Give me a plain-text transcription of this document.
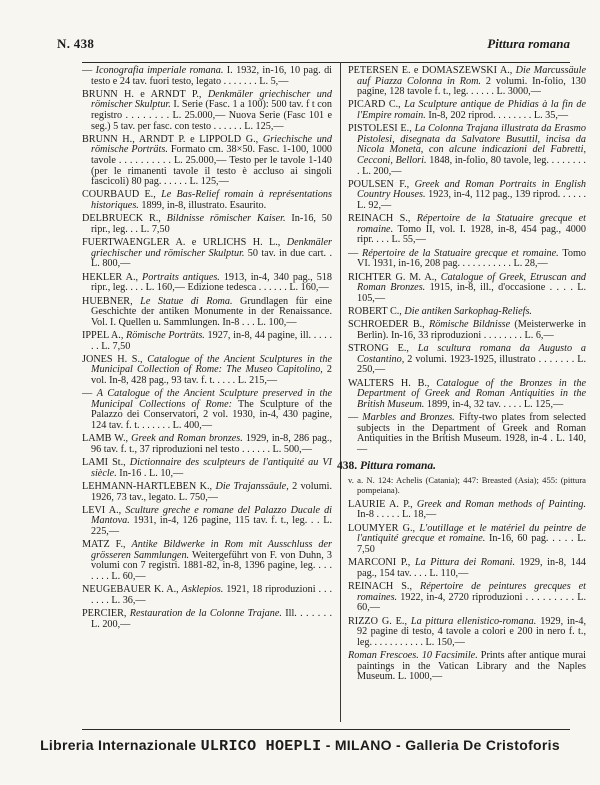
N. 438	Pittura romana
— Iconografia imperiale romana. I. 1932, in-16, 10 pag. di testo e 24 tav. fuori testo, legato . . . . . . . L. 5,—
BRUNN H. e ARNDT P., Denkmäler griechischer und römischer Skulptur. I. Serie (Fasc. 1 a 100): 500 tav. f t con registro . . . . . . . . L. 25.000,— Nuova Serie (Fasc 101 e seg.) 5 tav. per fasc. con testo . . . . . . L. 125,—
BRUNN H., ARNDT P. e LIPPOLD G., Griechische und römische Porträts. Formato cm. 38×50. Fasc. 1-100, 1000 tavole . . . . . . . . . . L. 25.000,— Testo per le tavole 1-140 (per le rimanenti tavole il testo è accluso ai singoli fascicoli) 80 pag. . . . . . L. 125,—
COURBAUD E., Le Bas-Relief romain à représentations historiques. 1899, in-8, illustrato. Esaurito.
DELBRUECK R., Bildnisse römischer Kaiser. In-16, 50 ripr., leg. . . L. 7,50
FUERTWAENGLER A. e URLICHS H. L., Denkmäler griechischer und römischer Skulptur. 50 tav. in due cart. . L. 800,—
HEKLER A., Portraits antiques. 1913, in-4, 340 pag., 518 ripr., leg. . . . L. 160,— Edizione tedesca . . . . . . L. 160,—
HUEBNER, Le Statue di Roma. Grundlagen für eine Geschichte der antiken Monumente in der Renaissance. Vol. I. Quellen u. Sammlungen. In-8 . . . L. 100,—
IPPEL A., Römische Porträts. 1927, in-8, 44 pagine, ill. . . . . . . L. 7,50
JONES H. S., Catalogue of the Ancient Sculptures in the Municipal Collection of Rome: The Museo Capitolino, 2 vol. In-8, 428 pag., 93 tav. f. t. . . . . L. 215,—
— A Catalogue of the Ancient Sculpture preserved in the Municipal Collections of Rome: The Sculpture of the Palazzo dei Conservatori, 2 vol. 1930, in-4, 430 pagine, 124 tav. f. t. . . . . . . L. 400,—
LAMB W., Greek and Roman bronzes. 1929, in-8, 286 pag., 96 tav. f. t., 37 riproduzioni nel testo . . . . . . L. 500,—
LAMI St., Dictionnaire des sculpteurs de l'antiquité au VI siècle. In-16 . L. 10,—
LEHMANN-HARTLEBEN K., Die Trajanssäule, 2 volumi. 1926, 73 tav., legato. L. 750,—
LEVI A., Sculture greche e romane del Palazzo Ducale di Mantova. 1931, in-4, 126 pagine, 115 tav. f. t., leg. . . L. 225,—
MATZ F., Antike Bildwerke in Rom mit Ausschluss der grösseren Sammlungen. Weitergeführt von F. von Duhn, 3 volumi con 7 registri. 1881-82, in-8, 1396 pagine, leg. . . . . . . . L. 60,—
NEUGEBAUER K. A., Asklepios. 1921, 18 riproduzioni . . . . . . . L. 36,—
PERCIER, Restauration de la Colonne Trajane. Ill. . . . . . . L. 200,—
PETERSEN E. e DOMASZEWSKI A., Die Marcussäule auf Piazza Colonna in Rom. 2 volumi. In-folio, 130 pagine, 128 tavole f. t., leg. . . . . . L. 3000,—
PICARD C., La Sculpture antique de Phidias à la fin de l'Empire romain. In-8, 202 riprod. . . . . . . . L. 35,—
PISTOLESI E., La Colonna Trajana illustrata da Erasmo Pistolesi, disegnata da Salvatore Busuttil, incisa da Nicola Moneta, con alcune indicazioni del Fabretti, Cecconi, Bellori. 1848, in-folio, 80 tavole, leg. . . . . . . . . L. 200,—
POULSEN F., Greek and Roman Portraits in English Country Houses. 1923, in-4, 112 pag., 139 riprod. . . . . . L. 92,—
REINACH S., Répertoire de la Statuaire grecque et romaine. Tomo II, vol. I. 1928, in-8, 454 pag., 4000 ripr. . . . L. 55,—
— Répertoire de la Statuaire grecque et romaine. Tomo VI. 1931, in-16, 208 pag. . . . . . . . . . . L. 28,—
RICHTER G. M. A., Catalogue of Greek, Etruscan and Roman Bronzes. 1915, in-8, ill., d'occasione . . . . L. 105,—
ROBERT C., Die antiken Sarkophag-Reliefs.
SCHROEDER B., Römische Bildnisse (Meisterwerke in Berlin). In-16, 33 riproduzioni . . . . . . . . L. 6,—
STRONG E., La scultura romana da Augusto a Costantino, 2 volumi. 1923-1925, illustrato . . . . . . . L. 250,—
WALTERS H. B., Catalogue of the Bronzes in the Department of Greek and Roman Antiquities in the British Museum. 1899, in-4, 32 tav. . . . . L. 125,—
— Marbles and Bronzes. Fifty-two plates from selected subjects in the Department of Greek and Roman Antiquities in the British Museum. 1928, in-4 . L. 140,—
438. Pittura romana.
v. a. N. 124: Achelis (Catania); 447: Breasted (Asia); 455: (pittura pompeiana).
LAURIE A. P., Greek and Roman methods of Painting. In-8 . . . . . L. 18,—
LOUMYER G., L'outillage et le matériel du peintre de l'antiquité grecque et romaine. In-16, 60 pag. . . . . L. 7,50
MARCONI P., La Pittura dei Romani. 1929, in-8, 144 pag., 154 tav. . . . L. 110,—
REINACH S., Répertoire de peintures grecques et romaines. 1922, in-4, 2720 riproduzioni . . . . . . . . . L. 60,—
RIZZO G. E., La pittura ellenistico-romana. 1929, in-4, 92 pagine di testo, 4 tavole a colori e 200 in nero f. t., leg. . . . . . . . . . . L. 150,—
Roman Frescoes. 10 Facsimile. Prints after antique murai paintings in the Vatican Library and the Naples Museum. L. 1000,—
Libreria Internazionale ULRICO HOEPLI - MILANO - Galleria De Cristoforis
